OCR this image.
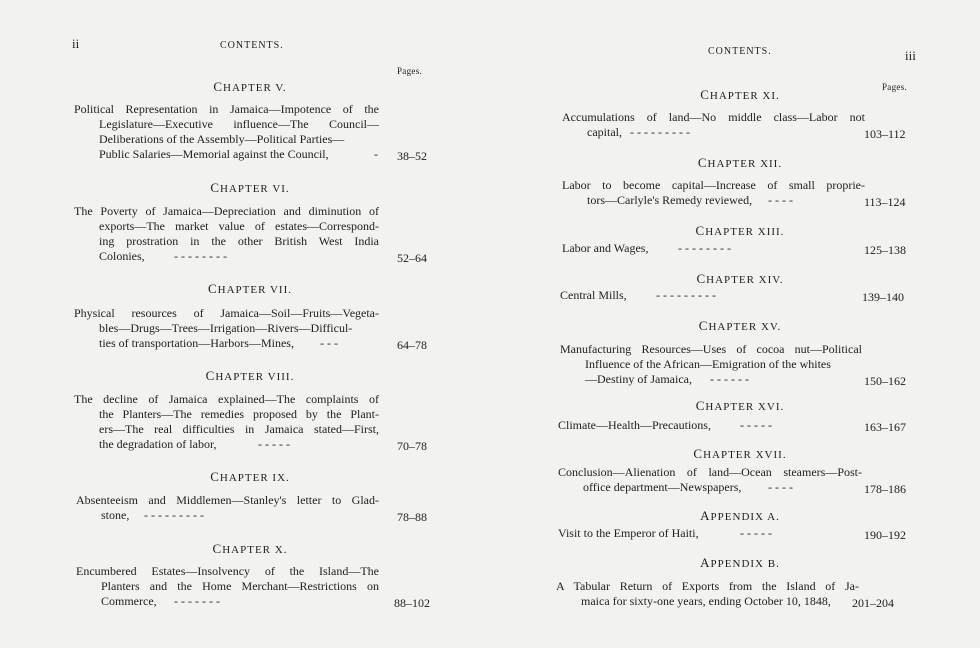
ii	CONTENTS.
Pages.
CHAPTER V.
Political Representation in Jamaica—Impotence of the
Legislature—Executive influence—The Council—
Deliberations of the Assembly—Political Parties—
Public Salaries—Memorial against the Council,	- 38–52
CHAPTER VI.
The Poverty of Jamaica—Depreciation and diminution of
exports—The market value of estates—Correspond-
ing prostration in the other British West India
Colonies, - - - - - - - -	52–64
CHAPTER VII.
Physical resources of Jamaica—Soil—Fruits—Vegeta-
bles—Drugs—Trees—Irrigation—Rivers—Difficul-
ties of transportation—Harbors—Mines, - - -	64–78
CHAPTER VIII.
The decline of Jamaica explained—The complaints of
the Planters—The remedies proposed by the Plant-
ers—The real difficulties in Jamaica stated—First,
the degradation of labor,	- - - - -	70–78
CHAPTER IX.
Absenteeism and Middlemen—Stanley's letter to Glad-
stone, - - - - - - - - -	78–88
CHAPTER X.
Encumbered Estates—Insolvency of the Island—The
Planters and the Home Merchant—Restrictions on
Commerce, - - - - - - -	88–102
CONTENTS.	iii
Pages.
CHAPTER XI.
Accumulations of land—No middle class—Labor not
capital, - - - - - - - - -	103–112
CHAPTER XII.
Labor to become capital—Increase of small proprie-
tors—Carlyle's Remedy reviewed, - - - -	113–124
CHAPTER XIII.
Labor and Wages, - - - - - - - -	125–138
CHAPTER XIV.
Central Mills, - - - - - - - - -	139–140
CHAPTER XV.
Manufacturing Resources—Uses of cocoa nut—Political
Influence of the African—Emigration of the whites
—Destiny of Jamaica, - - - - - -	150–162
CHAPTER XVI.
Climate—Health—Precautions, - - - - -	163–167
CHAPTER XVII.
Conclusion—Alienation of land—Ocean steamers—Post-
office department—Newspapers, - - - -	178–186
APPENDIX A.
Visit to the Emperor of Haiti,	- - - - -	190–192
APPENDIX B.
A Tabular Return of Exports from the Island of Ja-
maica for sixty-one years, ending October 10, 1848, 201–204
